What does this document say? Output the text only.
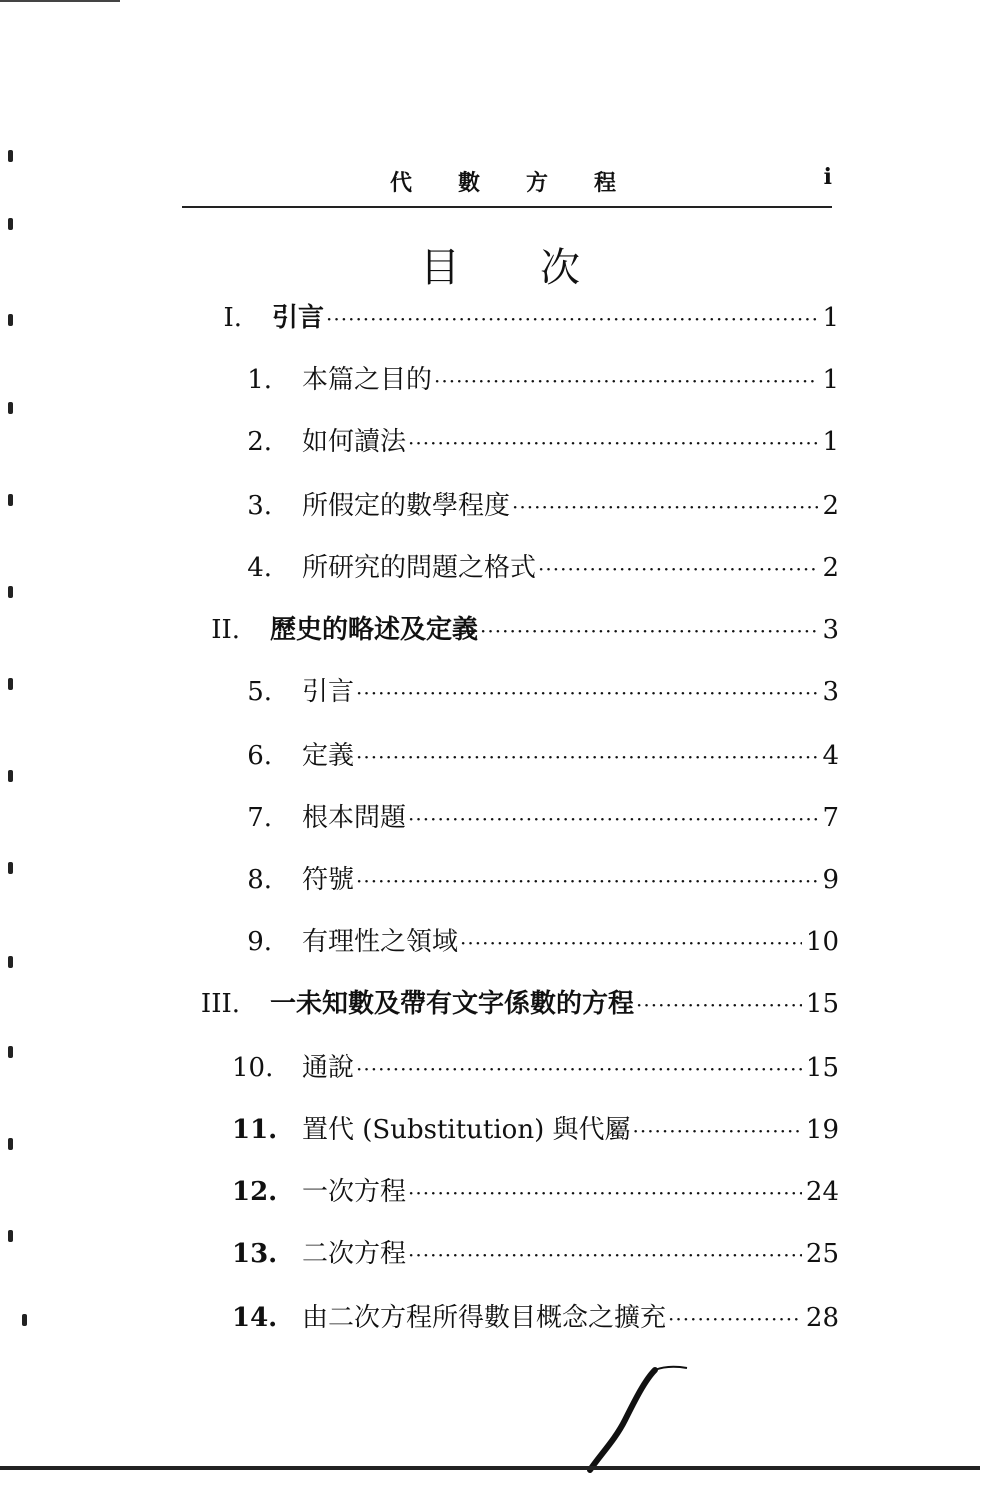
代數方程	i
目次
I.	引言 ·····	1
1.	本篇之目的 ·····	1
2.	如何讀法 ·····	1
3.	所假定的數學程度 ·····	2
4.	所研究的問題之格式 ·····	2
II.	歷史的略述及定義 ·····	3
5.	引言 ·····	3
6.	定義 ·····	4
7.	根本問題 ·····	7
8.	符號 ·····	9
9.	有理性之領域 ·····	10
III.	一未知數及帶有文字係數的方程 ·····	15
10.	通說 ·····	15
11. 置代 (Substitution) 與代屬 ·····	19
12. 一次方程 ·····	24
13. 二次方程 ·····	25
14. 由二次方程所得數目概念之擴充 ·····	28
